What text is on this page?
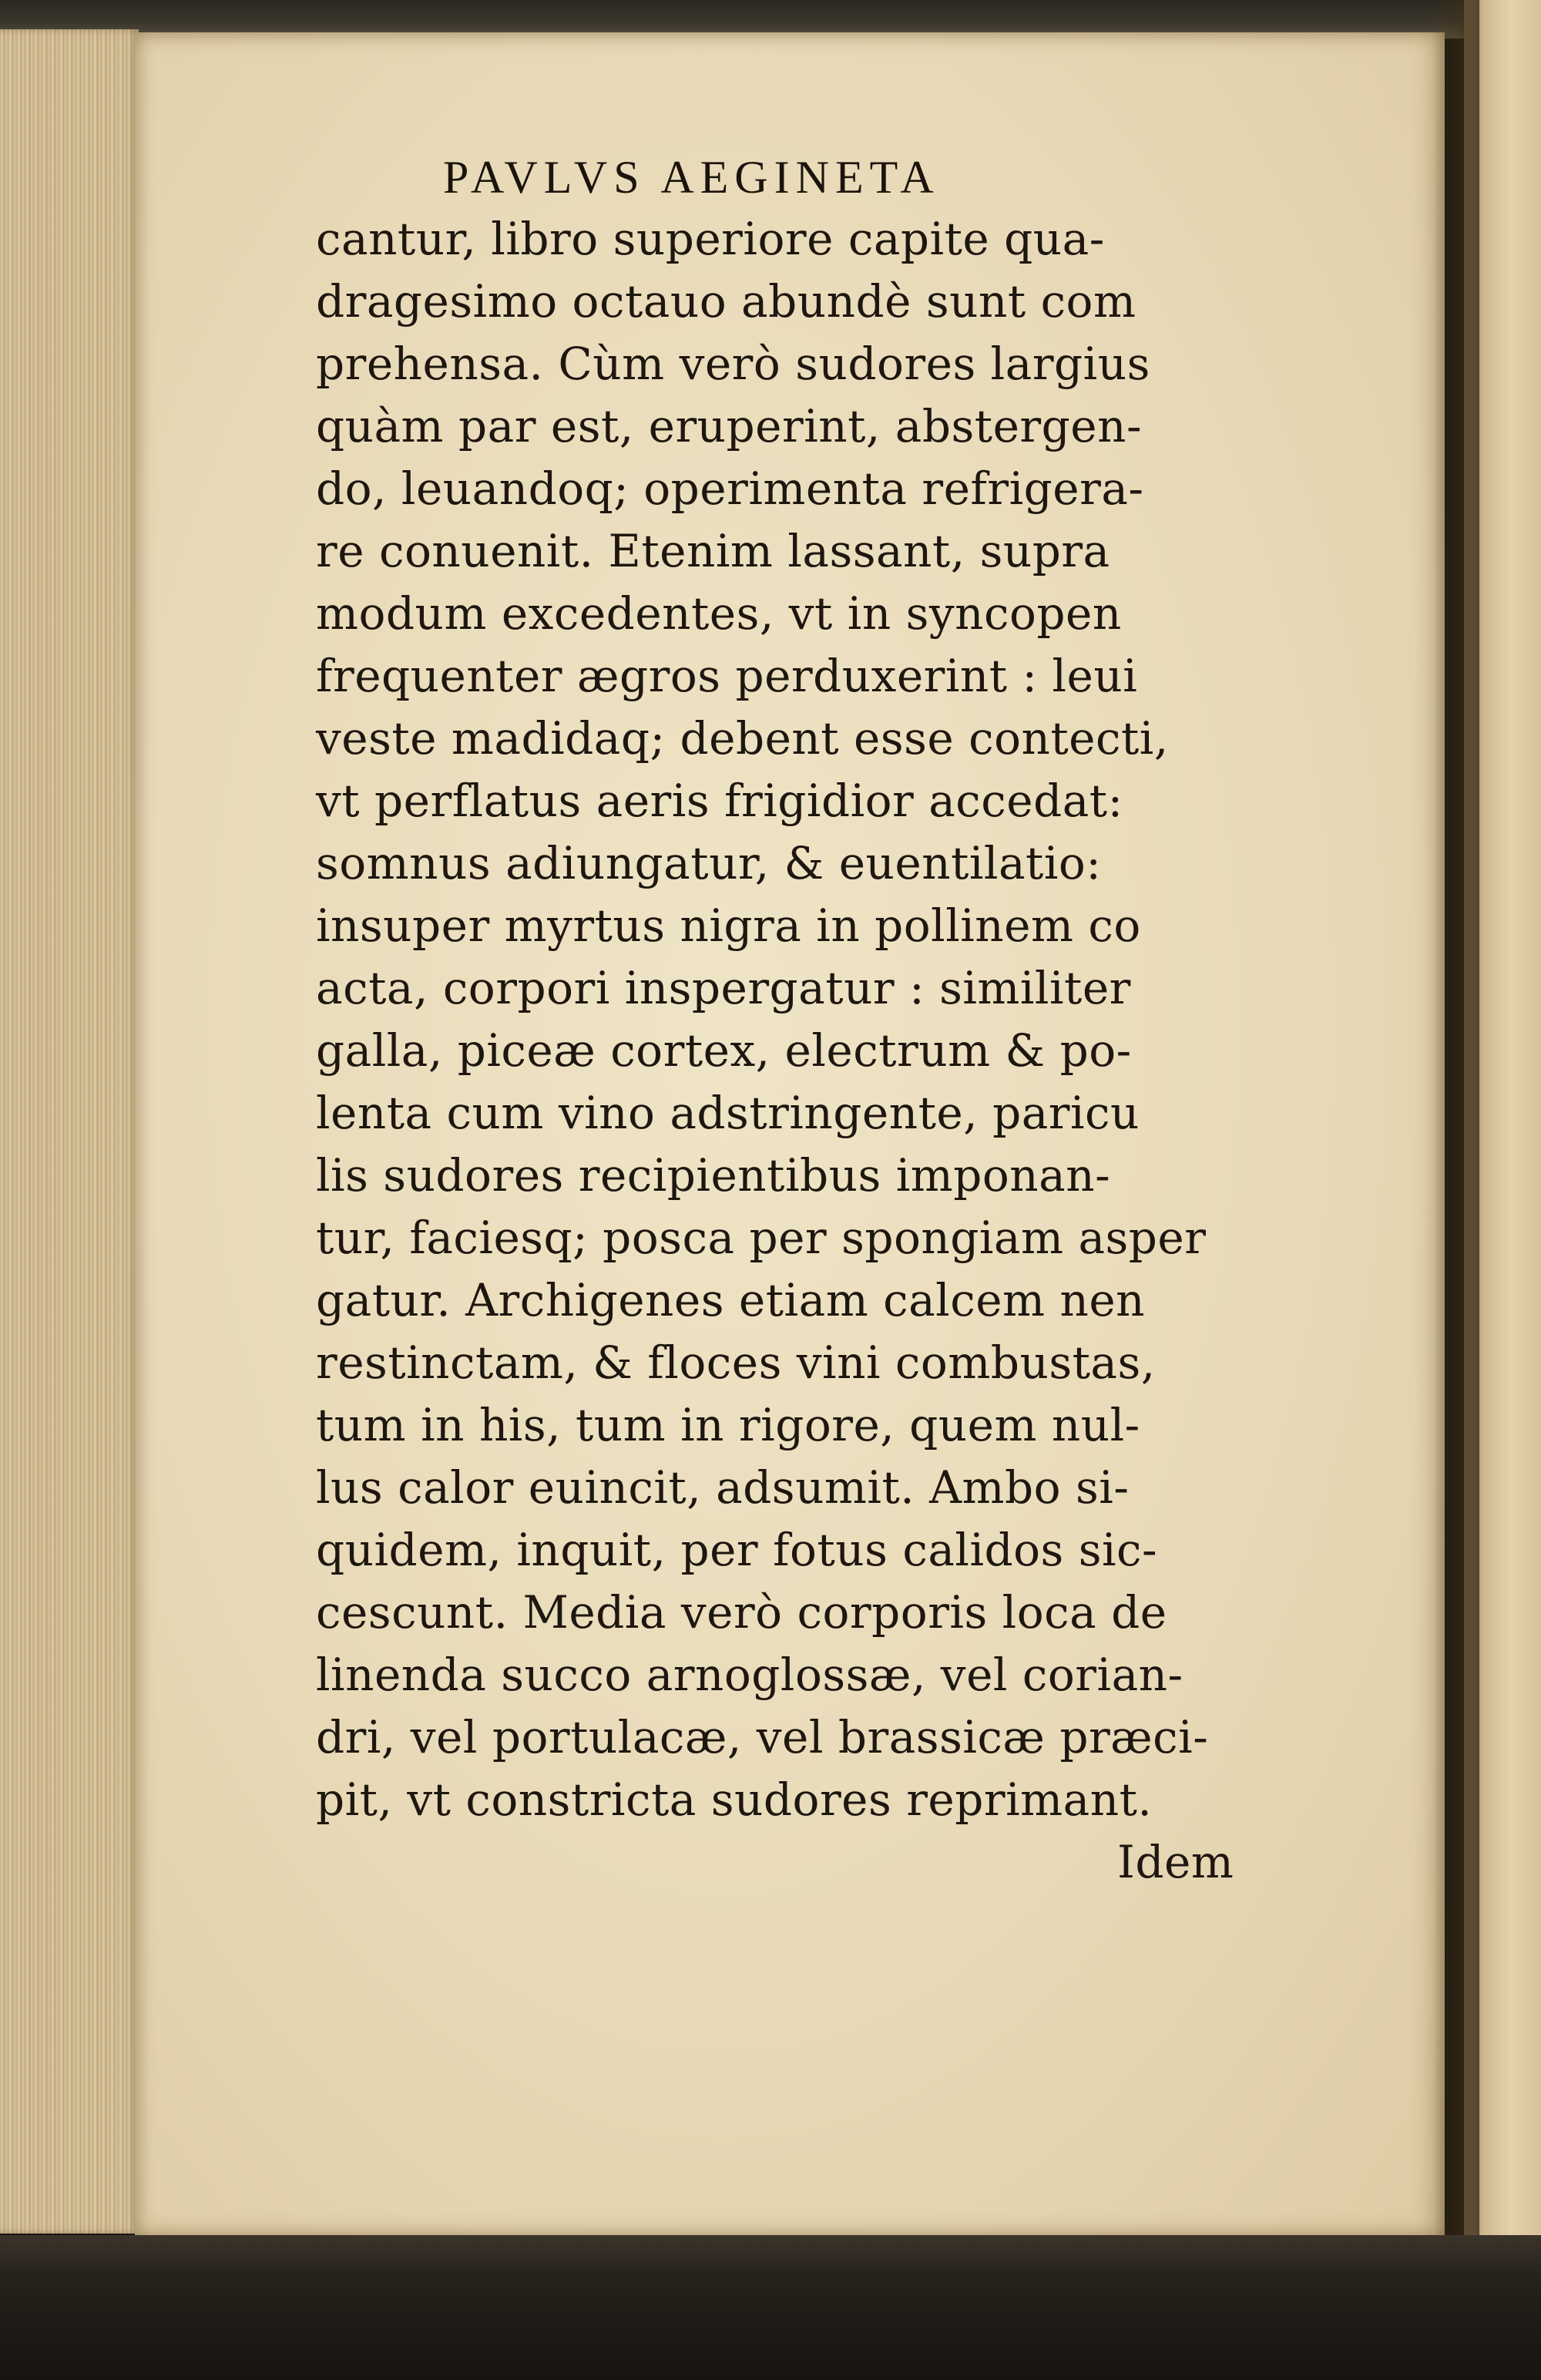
PAVLVS AEGINETA
cantur, libro superiore capite qua-
dragesimo octauo abundè sunt com
prehensa. Cùm verò sudores largius
quàm par est, eruperint, abstergen-
do, leuandoq; operimenta refrigera-
re conuenit. Etenim lassant, supra
modum excedentes, vt in syncopen
frequenter ægros perduxerint : leui
veste madidaq; debent esse contecti,
vt perflatus aeris frigidior accedat:
somnus adiungatur, & euentilatio:
insuper myrtus nigra in pollinem co
acta, corpori inspergatur : similiter
galla, piceæ cortex, electrum & po-
lenta cum vino adstringente, paricu
lis sudores recipientibus imponan-
tur, faciesq; posca per spongiam asper
gatur. Archigenes etiam calcem nen
restinctam, & floces vini combustas,
tum in his, tum in rigore, quem nul-
lus calor euincit, adsumit. Ambo si-
quidem, inquit, per fotus calidos sic-
cescunt. Media verò corporis loca de
linenda succo arnoglossæ, vel corian-
dri, vel portulacæ, vel brassicæ præci-
pit, vt constricta sudores reprimant.
Idem
